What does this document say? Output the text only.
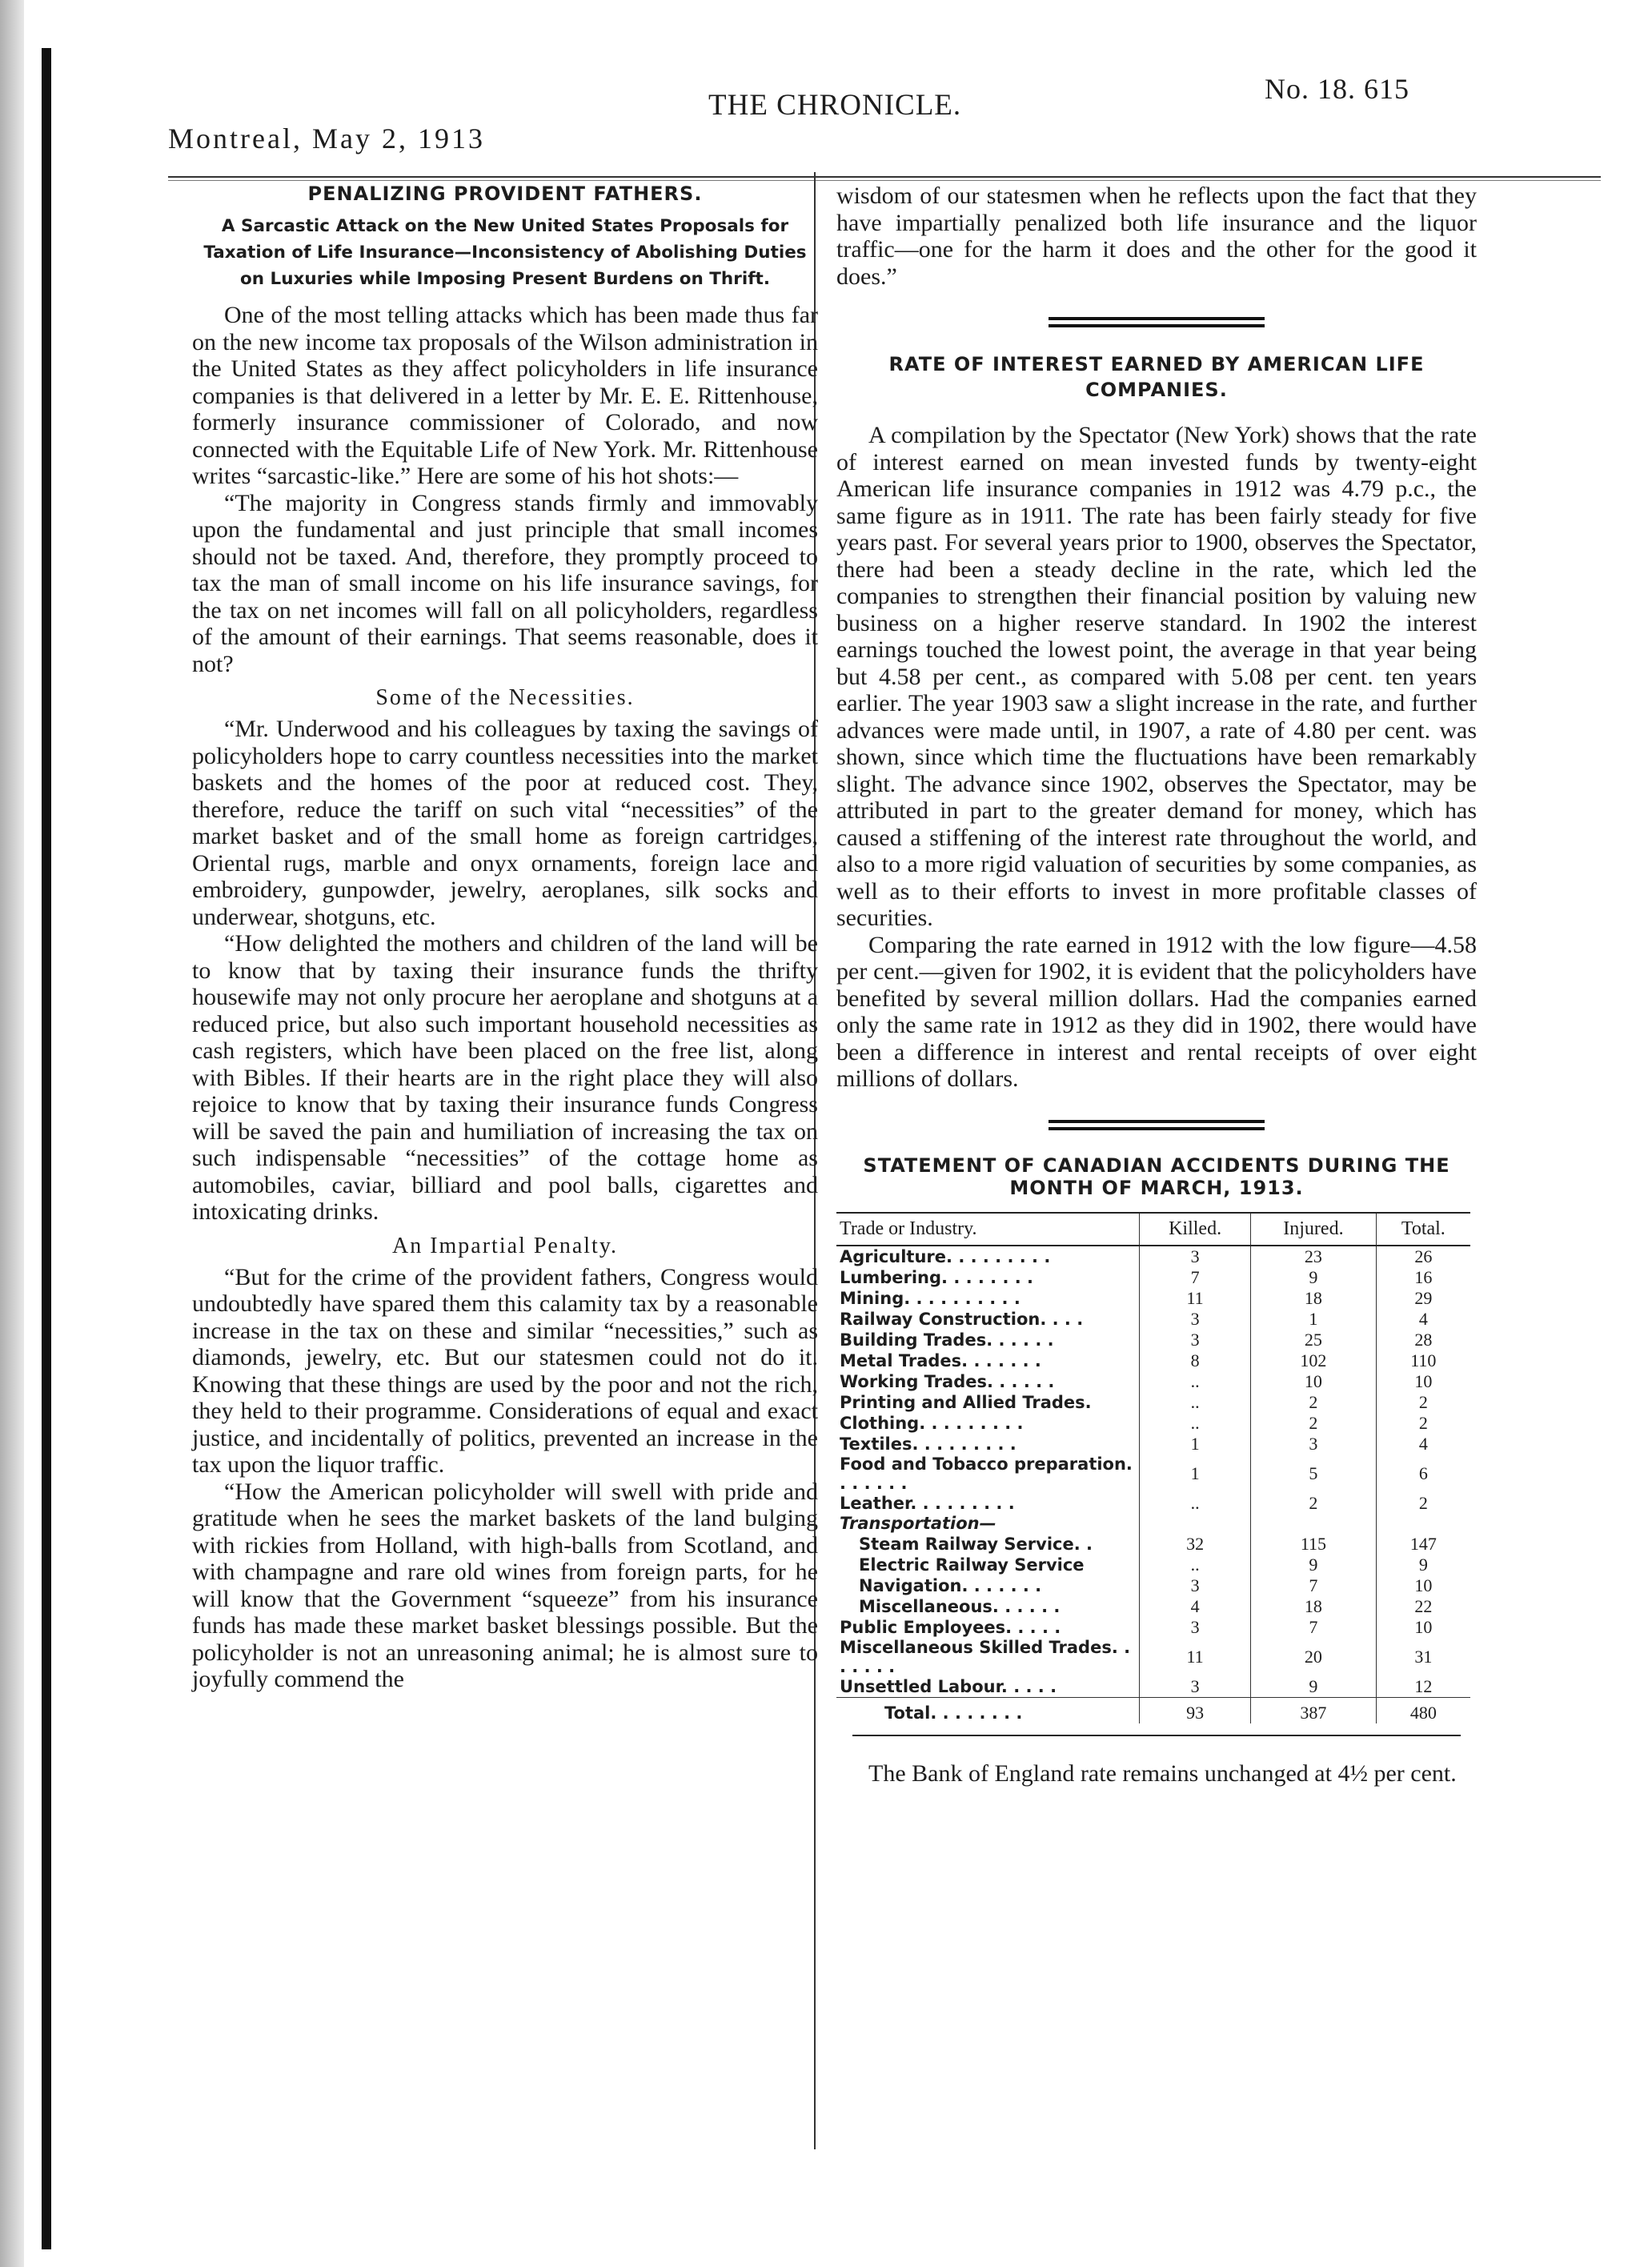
Montreal, May 2, 1913
THE CHRONICLE.	No. 18. 615
PENALIZING PROVIDENT FATHERS.
A Sarcastic Attack on the New United States Proposals for Taxation of Life Insurance—Inconsistency of Abolishing Duties on Luxuries while Imposing Present Burdens on Thrift.

One of the most telling attacks which has been made thus far on the new income tax proposals of the Wilson administration in the United States as they affect policyholders in life insurance companies is that delivered in a letter by Mr. E. E. Rittenhouse, formerly insurance commissioner of Colorado, and now connected with the Equitable Life of New York. Mr. Rittenhouse writes “sarcastic-like.” Here are some of his hot shots:—

“The majority in Congress stands firmly and immovably upon the fundamental and just principle that small incomes should not be taxed. And, therefore, they promptly proceed to tax the man of small income on his life insurance savings, for the tax on net incomes will fall on all policyholders, regardless of the amount of their earnings. That seems reasonable, does it not?

Some of the Necessities.

“Mr. Underwood and his colleagues by taxing the savings of policyholders hope to carry countless necessities into the market baskets and the homes of the poor at reduced cost. They, therefore, reduce the tariff on such vital “necessities” of the market basket and of the small home as foreign cartridges, Oriental rugs, marble and onyx ornaments, foreign lace and embroidery, gunpowder, jewelry, aeroplanes, silk socks and underwear, shotguns, etc.

“How delighted the mothers and children of the land will be to know that by taxing their insurance funds the thrifty housewife may not only procure her aeroplane and shotguns at a reduced price, but also such important household necessities as cash registers, which have been placed on the free list, along with Bibles. If their hearts are in the right place they will also rejoice to know that by taxing their insurance funds Congress will be saved the pain and humiliation of increasing the tax on such indispensable “necessities” of the cottage home as automobiles, caviar, billiard and pool balls, cigarettes and intoxicating drinks.

An Impartial Penalty.

“But for the crime of the provident fathers, Congress would undoubtedly have spared them this calamity tax by a reasonable increase in the tax on these and similar “necessities,” such as diamonds, jewelry, etc. But our statesmen could not do it. Knowing that these things are used by the poor and not the rich, they held to their programme. Considerations of equal and exact justice, and incidentally of politics, prevented an increase in the tax upon the liquor traffic.

“How the American policyholder will swell with pride and gratitude when he sees the market baskets of the land bulging with rickies from Holland, with high-balls from Scotland, and with champagne and rare old wines from foreign parts, for he will know that the Government “squeeze” from his insurance funds has made these market basket blessings possible. But the policyholder is not an unreasoning animal; he is almost sure to joyfully commend the

wisdom of our statesmen when he reflects upon the fact that they have impartially penalized both life insurance and the liquor traffic—one for the harm it does and the other for the good it does.”

RATE OF INTEREST EARNED BY AMERICAN LIFE COMPANIES.

A compilation by the Spectator (New York) shows that the rate of interest earned on mean invested funds by twenty-eight American life insurance companies in 1912 was 4.79 p.c., the same figure as in 1911. The rate has been fairly steady for five years past. For several years prior to 1900, observes the Spectator, there had been a steady decline in the rate, which led the companies to strengthen their financial position by valuing new business on a higher reserve standard. In 1902 the interest earnings touched the lowest point, the average in that year being but 4.58 per cent., as compared with 5.08 per cent. ten years earlier. The year 1903 saw a slight increase in the rate, and further advances were made until, in 1907, a rate of 4.80 per cent. was shown, since which time the fluctuations have been remarkably slight. The advance since 1902, observes the Spectator, may be attributed in part to the greater demand for money, which has caused a stiffening of the interest rate throughout the world, and also to a more rigid valuation of securities by some companies, as well as to their efforts to invest in more profitable classes of securities.

Comparing the rate earned in 1912 with the low figure—4.58 per cent.—given for 1902, it is evident that the policyholders have benefited by several million dollars. Had the companies earned only the same rate in 1912 as they did in 1902, there would have been a difference in interest and rental receipts of over eight millions of dollars.

STATEMENT OF CANADIAN ACCIDENTS DURING THE MONTH OF MARCH, 1913.
Trade or Industry.	Killed.	Injured.	Total.
Agriculture. . . . . . . . .	3	23	26
Lumbering. . . . . . . .	7	9	16
Mining. . . . . . . . . .	11	18	29
Railway Construction. . . .	3	1	4
Building Trades. . . . . .	3	25	28
Metal Trades. . . . . . .	8	102	110
Working Trades. . . . . .	..	10	10
Printing and Allied Trades.	..	2	2
Clothing. . . . . . . . .	..	2	2
Textiles. . . . . . . . .	1	3	4
Food and Tobacco preparation. . . . . . .	1	5	6
Leather. . . . . . . . .	..	2	2
Transportation—			
Steam Railway Service. .	32	115	147
Electric Railway Service	..	9	9
Navigation. . . . . . .	3	7	10
Miscellaneous. . . . . .	4	18	22
Public Employees. . . . .	3	7	10
Miscellaneous Skilled Trades. . . . . . .	11	20	31
Unsettled Labour. . . . .	3	9	12
Total. . . . . . . .	93	387	480

The Bank of England rate remains unchanged at 4½ per cent.
